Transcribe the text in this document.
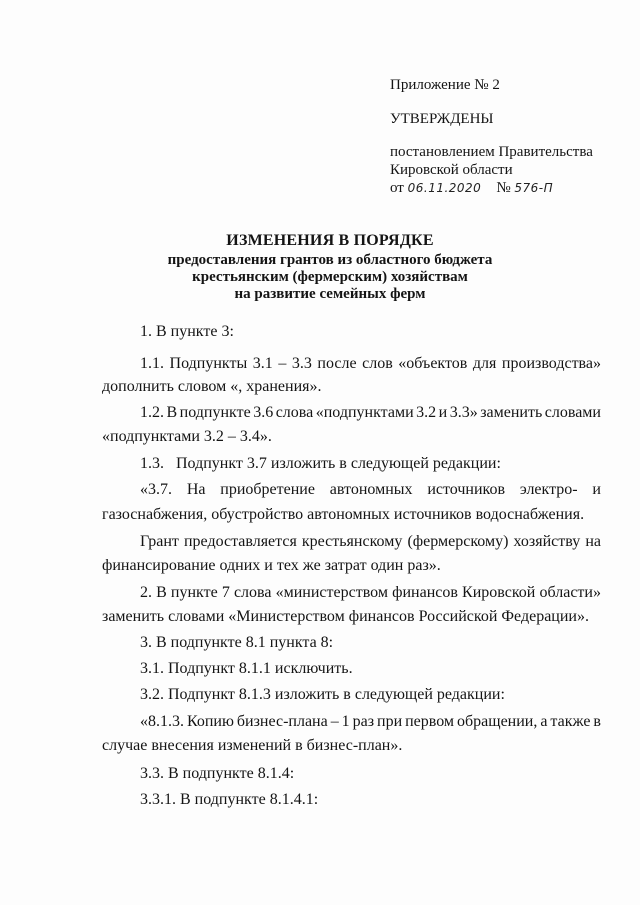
Приложение № 2
УТВЕРЖДЕНЫ
постановлением Правительства
Кировской области
от 06.11.2020 № 576-П
ИЗМЕНЕНИЯ В ПОРЯДКЕ
предоставления грантов из областного бюджета
крестьянским (фермерским) хозяйствам
на развитие семейных ферм
1. В пункте 3:
1.1. Подпункты 3.1 – 3.3 после слов «объектов для производства»
дополнить словом «, хранения».
1.2. В подпункте 3.6 слова «подпунктами 3.2 и 3.3» заменить словами
«подпунктами 3.2 – 3.4».
1.3.   Подпункт 3.7 изложить в следующей редакции:
«3.7. На приобретение автономных источников электро- и
газоснабжения, обустройство автономных источников водоснабжения.
Грант предоставляется крестьянскому (фермерскому) хозяйству на
финансирование одних и тех же затрат один раз».
2. В пункте 7 слова «министерством финансов Кировской области»
заменить словами «Министерством финансов Российской Федерации».
3. В подпункте 8.1 пункта 8:
3.1. Подпункт 8.1.1 исключить.
3.2. Подпункт 8.1.3 изложить в следующей редакции:
«8.1.3. Копию бизнес-плана – 1 раз при первом обращении, а также в
случае внесения изменений в бизнес-план».
3.3. В подпункте 8.1.4:
3.3.1. В подпункте 8.1.4.1:
